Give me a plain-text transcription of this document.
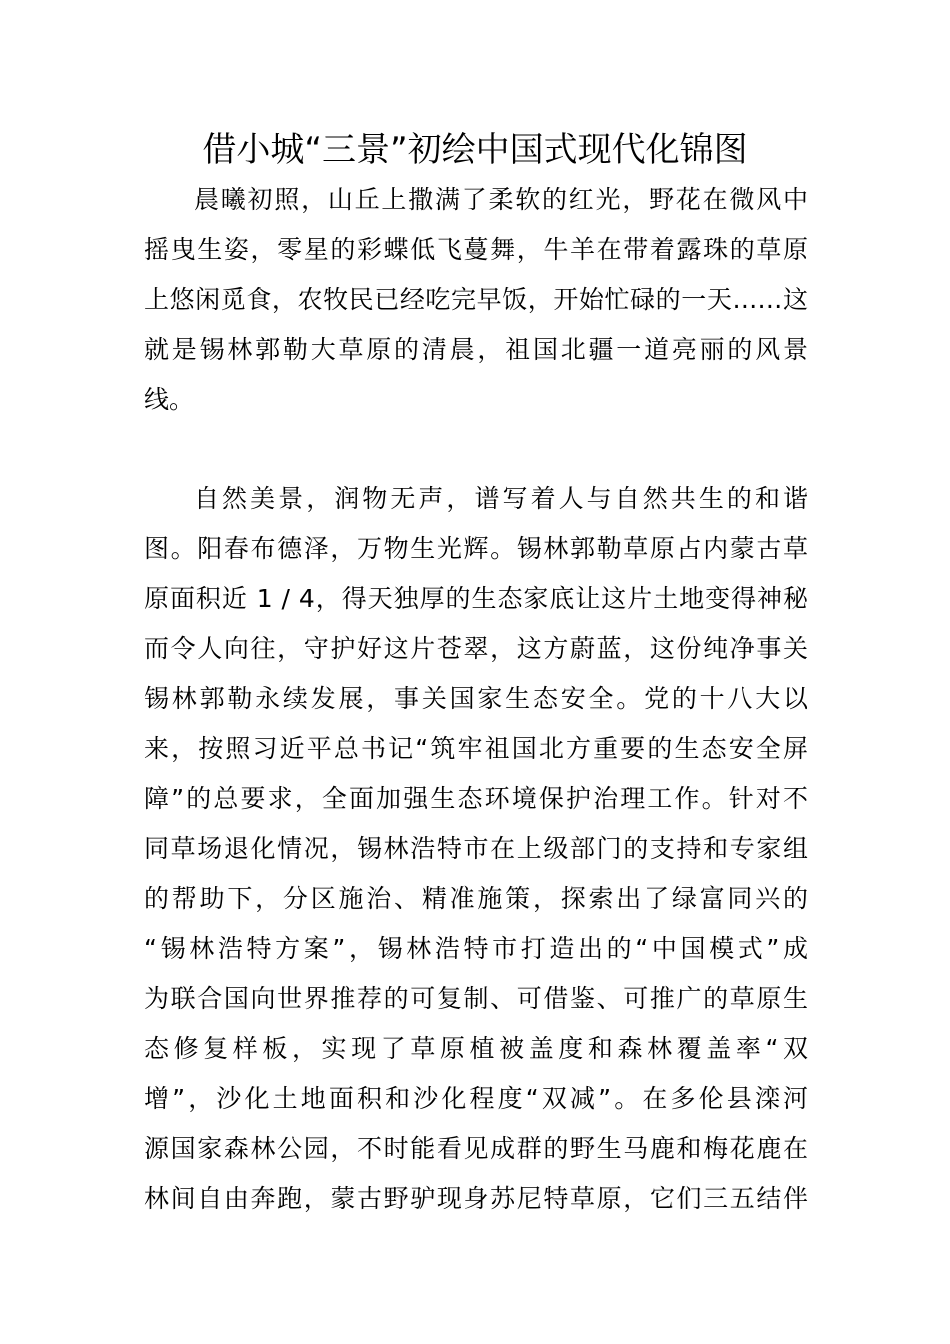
借小城“三景”初绘中国式现代化锦图
晨曦初照，山丘上撒满了柔软的红光，野花在微风中
摇曳生姿，零星的彩蝶低飞蔓舞，牛羊在带着露珠的草原
上悠闲觅食，农牧民已经吃完早饭，开始忙碌的一天……这
就是锡林郭勒大草原的清晨，祖国北疆一道亮丽的风景
线。
自然美景，润物无声，谱写着人与自然共生的和谐
图。阳春布德泽，万物生光辉。锡林郭勒草原占内蒙古草
原面积近 1 / 4，得天独厚的生态家底让这片土地变得神秘
而令人向往，守护好这片苍翠，这方蔚蓝，这份纯净事关
锡林郭勒永续发展，事关国家生态安全。党的十八大以
来，按照习近平总书记“筑牢祖国北方重要的生态安全屏
障”的总要求，全面加强生态环境保护治理工作。针对不
同草场退化情况，锡林浩特市在上级部门的支持和专家组
的帮助下，分区施治、精准施策，探索出了绿富同兴的
“锡林浩特方案”，锡林浩特市打造出的“中国模式”成
为联合国向世界推荐的可复制、可借鉴、可推广的草原生
态修复样板，实现了草原植被盖度和森林覆盖率“双
增”，沙化土地面积和沙化程度“双减”。在多伦县滦河
源国家森林公园，不时能看见成群的野生马鹿和梅花鹿在
林间自由奔跑，蒙古野驴现身苏尼特草原，它们三五结伴
